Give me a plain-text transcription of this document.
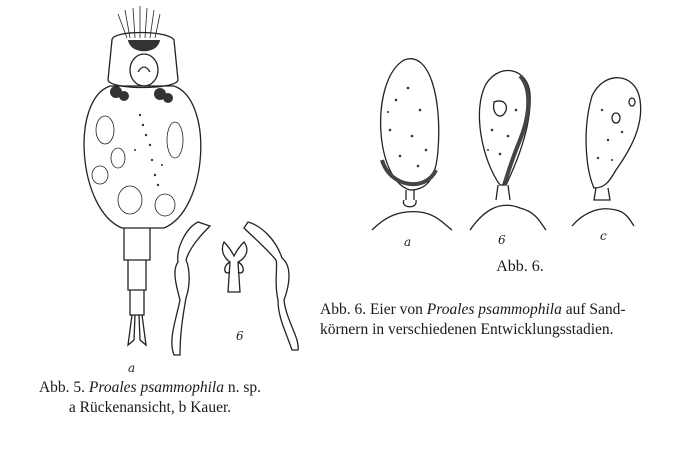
a
6
a	6	c
Abb. 5. Proales psammophila n. sp.
a Rückenansicht, b Kauer.
Abb. 6.
Abb. 6. Eier von Proales psammophila auf Sand-
körnern in verschiedenen Entwicklungsstadien.
